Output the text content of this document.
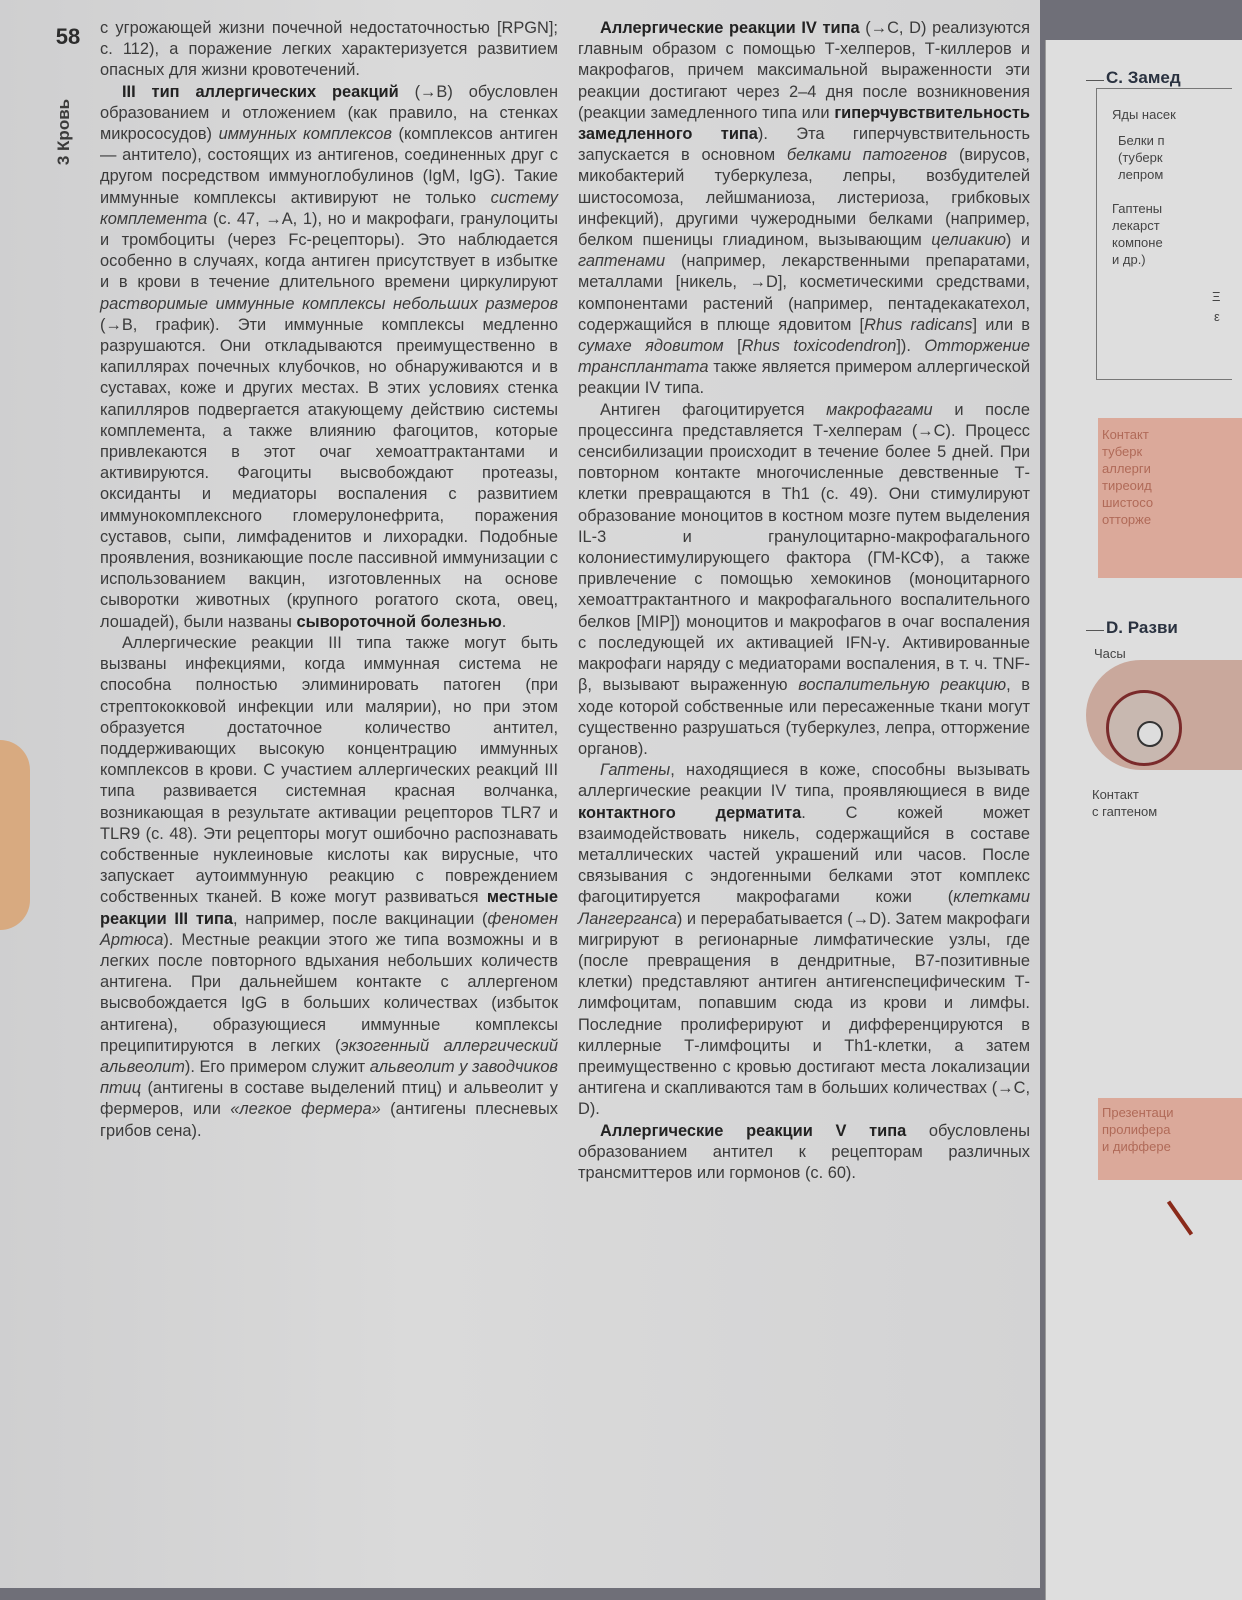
58
3 Кровь

с угрожающей жизни почечной недостаточностью [RPGN]; с. 112), а поражение легких характеризуется развитием опасных для жизни кровотечений.

III тип аллергических реакций (→B) обусловлен образованием и отложением (как правило, на стенках микрососудов) иммунных комплексов (комплексов антиген — антитело), состоящих из антигенов, соединенных друг с другом посредством иммуноглобулинов (IgM, IgG). Такие иммунные комплексы активируют не только систему комплемента (с. 47, →A, 1), но и макрофаги, гранулоциты и тромбоциты (через Fc-рецепторы). Это наблюдается особенно в случаях, когда антиген присутствует в избытке и в крови в течение длительного времени циркулируют растворимые иммунные комплексы небольших размеров (→B, график). Эти иммунные комплексы медленно разрушаются. Они откладываются преимущественно в капиллярах почечных клубочков, но обнаруживаются и в суставах, коже и других местах. В этих условиях стенка капилляров подвергается атакующему действию системы комплемента, а также влиянию фагоцитов, которые привлекаются в этот очаг хемоаттрактантами и активируются. Фагоциты высвобождают протеазы, оксиданты и медиаторы воспаления с развитием иммунокомплексного гломерулонефрита, поражения суставов, сыпи, лимфаденитов и лихорадки. Подобные проявления, возникающие после пассивной иммунизации с использованием вакцин, изготовленных на основе сыворотки животных (крупного рогатого скота, овец, лошадей), были названы сывороточной болезнью.

Аллергические реакции III типа также могут быть вызваны инфекциями, когда иммунная система не способна полностью элиминировать патоген (при стрептококковой инфекции или малярии), но при этом образуется достаточное количество антител, поддерживающих высокую концентрацию иммунных комплексов в крови. С участием аллергических реакций III типа развивается системная красная волчанка, возникающая в результате активации рецепторов TLR7 и TLR9 (с. 48). Эти рецепторы могут ошибочно распознавать собственные нуклеиновые кислоты как вирусные, что запускает аутоиммунную реакцию с повреждением собственных тканей. В коже могут развиваться местные реакции III типа, например, после вакцинации (феномен Артюса). Местные реакции этого же типа возможны и в легких после повторного вдыхания небольших количеств антигена. При дальнейшем контакте с аллергеном высвобождается IgG в больших количествах (избыток антигена), образующиеся иммунные комплексы преципитируются в легких (экзогенный аллергический альвеолит). Его примером служит альвеолит у заводчиков птиц (антигены в составе выделений птиц) и альвеолит у фермеров, или «легкое фермера» (антигены плесневых грибов сена).

Аллергические реакции IV типа (→C, D) реализуются главным образом с помощью Т-хелперов, Т-киллеров и макрофагов, причем максимальной выраженности эти реакции достигают через 2–4 дня после возникновения (реакции замедленного типа или гиперчувствительность замедленного типа). Эта гиперчувствительность запускается в основном белками патогенов (вирусов, микобактерий туберкулеза, лепры, возбудителей шистосомоза, лейшманиоза, листериоза, грибковых инфекций), другими чужеродными белками (например, белком пшеницы глиадином, вызывающим целиакию) и гаптенами (например, лекарственными препаратами, металлами [никель, →D], косметическими средствами, компонентами растений (например, пентадекакатехол, содержащийся в плюще ядовитом [Rhus radicans] или в сумахе ядовитом [Rhus toxicodendron]). Отторжение трансплантата также является примером аллергической реакции IV типа.

Антиген фагоцитируется макрофагами и после процессинга представляется Т-хелперам (→C). Процесс сенсибилизации происходит в течение более 5 дней. При повторном контакте многочисленные девственные Т-клетки превращаются в Th1 (с. 49). Они стимулируют образование моноцитов в костном мозге путем выделения IL-3 и гранулоцитарно-макрофагального колониестимулирующего фактора (ГМ-КСФ), а также привлечение с помощью хемокинов (моноцитарного хемоаттрактантного и макрофагального воспалительного белков [MIP]) моноцитов и макрофагов в очаг воспаления с последующей их активацией IFN-γ. Активированные макрофаги наряду с медиаторами воспаления, в т. ч. TNF-β, вызывают выраженную воспалительную реакцию, в ходе которой собственные или пересаженные ткани могут существенно разрушаться (туберкулез, лепра, отторжение органов).

Гаптены, находящиеся в коже, способны вызывать аллергические реакции IV типа, проявляющиеся в виде контактного дерматита. С кожей может взаимодействовать никель, содержащийся в составе металлических частей украшений или часов. После связывания с эндогенными белками этот комплекс фагоцитируется макрофагами кожи (клетками Лангерганса) и перерабатывается (→D). Затем макрофаги мигрируют в регионарные лимфатические узлы, где (после превращения в дендритные, B7-позитивные клетки) представляют антиген антигенспецифическим Т-лимфоцитам, попавшим сюда из крови и лимфы. Последние пролиферируют и дифференцируются в киллерные Т-лимфоциты и Th1-клетки, а затем преимущественно с кровью достигают места локализации антигена и скапливаются там в больших количествах (→C, D).

Аллергические реакции V типа обусловлены образованием антител к рецепторам различных трансмиттеров или гормонов (с. 60).

С. Замед
Яды насек
Белки п
(туберк
лепром
Гаптены
лекарст
компоне
и др.)
Ξ
ε
Контакт
туберк
аллерги
тиреоид
шистосо
отторже
D. Разви
Часы
Контакт
с гаптеном
Презентаци
пролифера
и диффере
